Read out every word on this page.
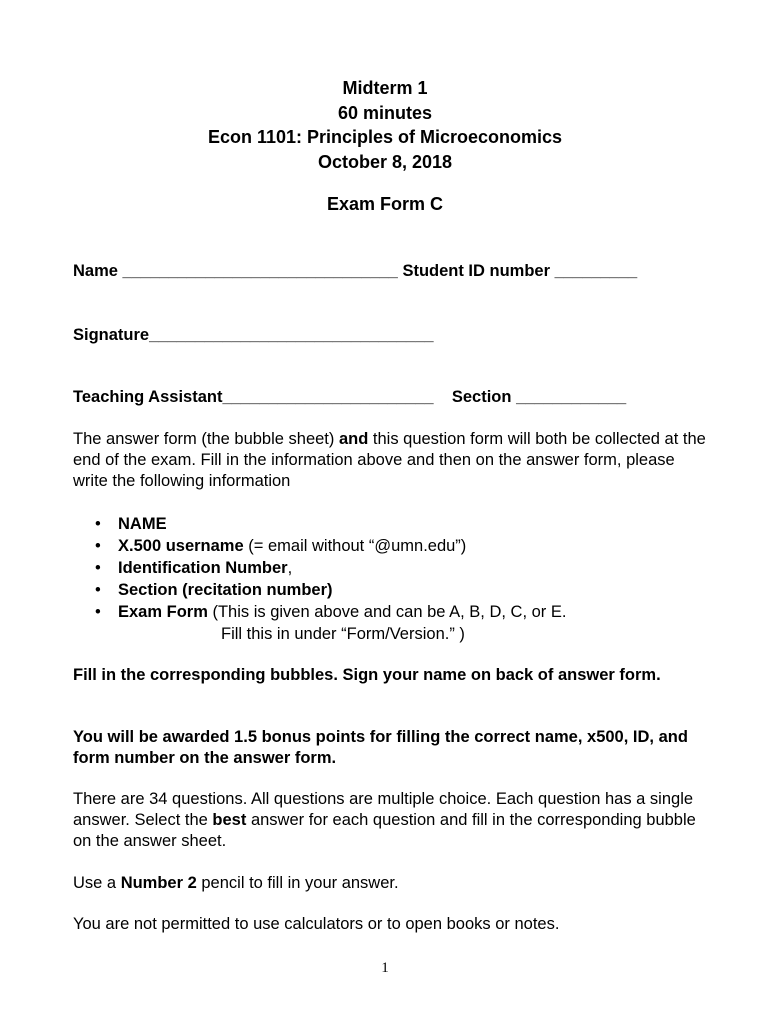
Midterm 1
60 minutes
Econ 1101: Principles of Microeconomics
October 8, 2018
Exam Form C
Name ______________________________ Student ID number _________
Signature_______________________________
Teaching Assistant_______________________ Section ____________
The answer form (the bubble sheet) and this question form will both be collected at the end of the exam. Fill in the information above and then on the answer form, please write the following information
• NAME
• X.500 username (= email without “@umn.edu”)
• Identification Number,
• Section (recitation number)
• Exam Form (This is given above and can be A, B, D, C, or E.
Fill this in under “Form/Version.” )
Fill in the corresponding bubbles. Sign your name on back of answer form.
You will be awarded 1.5 bonus points for filling the correct name, x500, ID, and form number on the answer form.
There are 34 questions. All questions are multiple choice. Each question has a single answer. Select the best answer for each question and fill in the corresponding bubble on the answer sheet.
Use a Number 2 pencil to fill in your answer.
You are not permitted to use calculators or to open books or notes.
1
